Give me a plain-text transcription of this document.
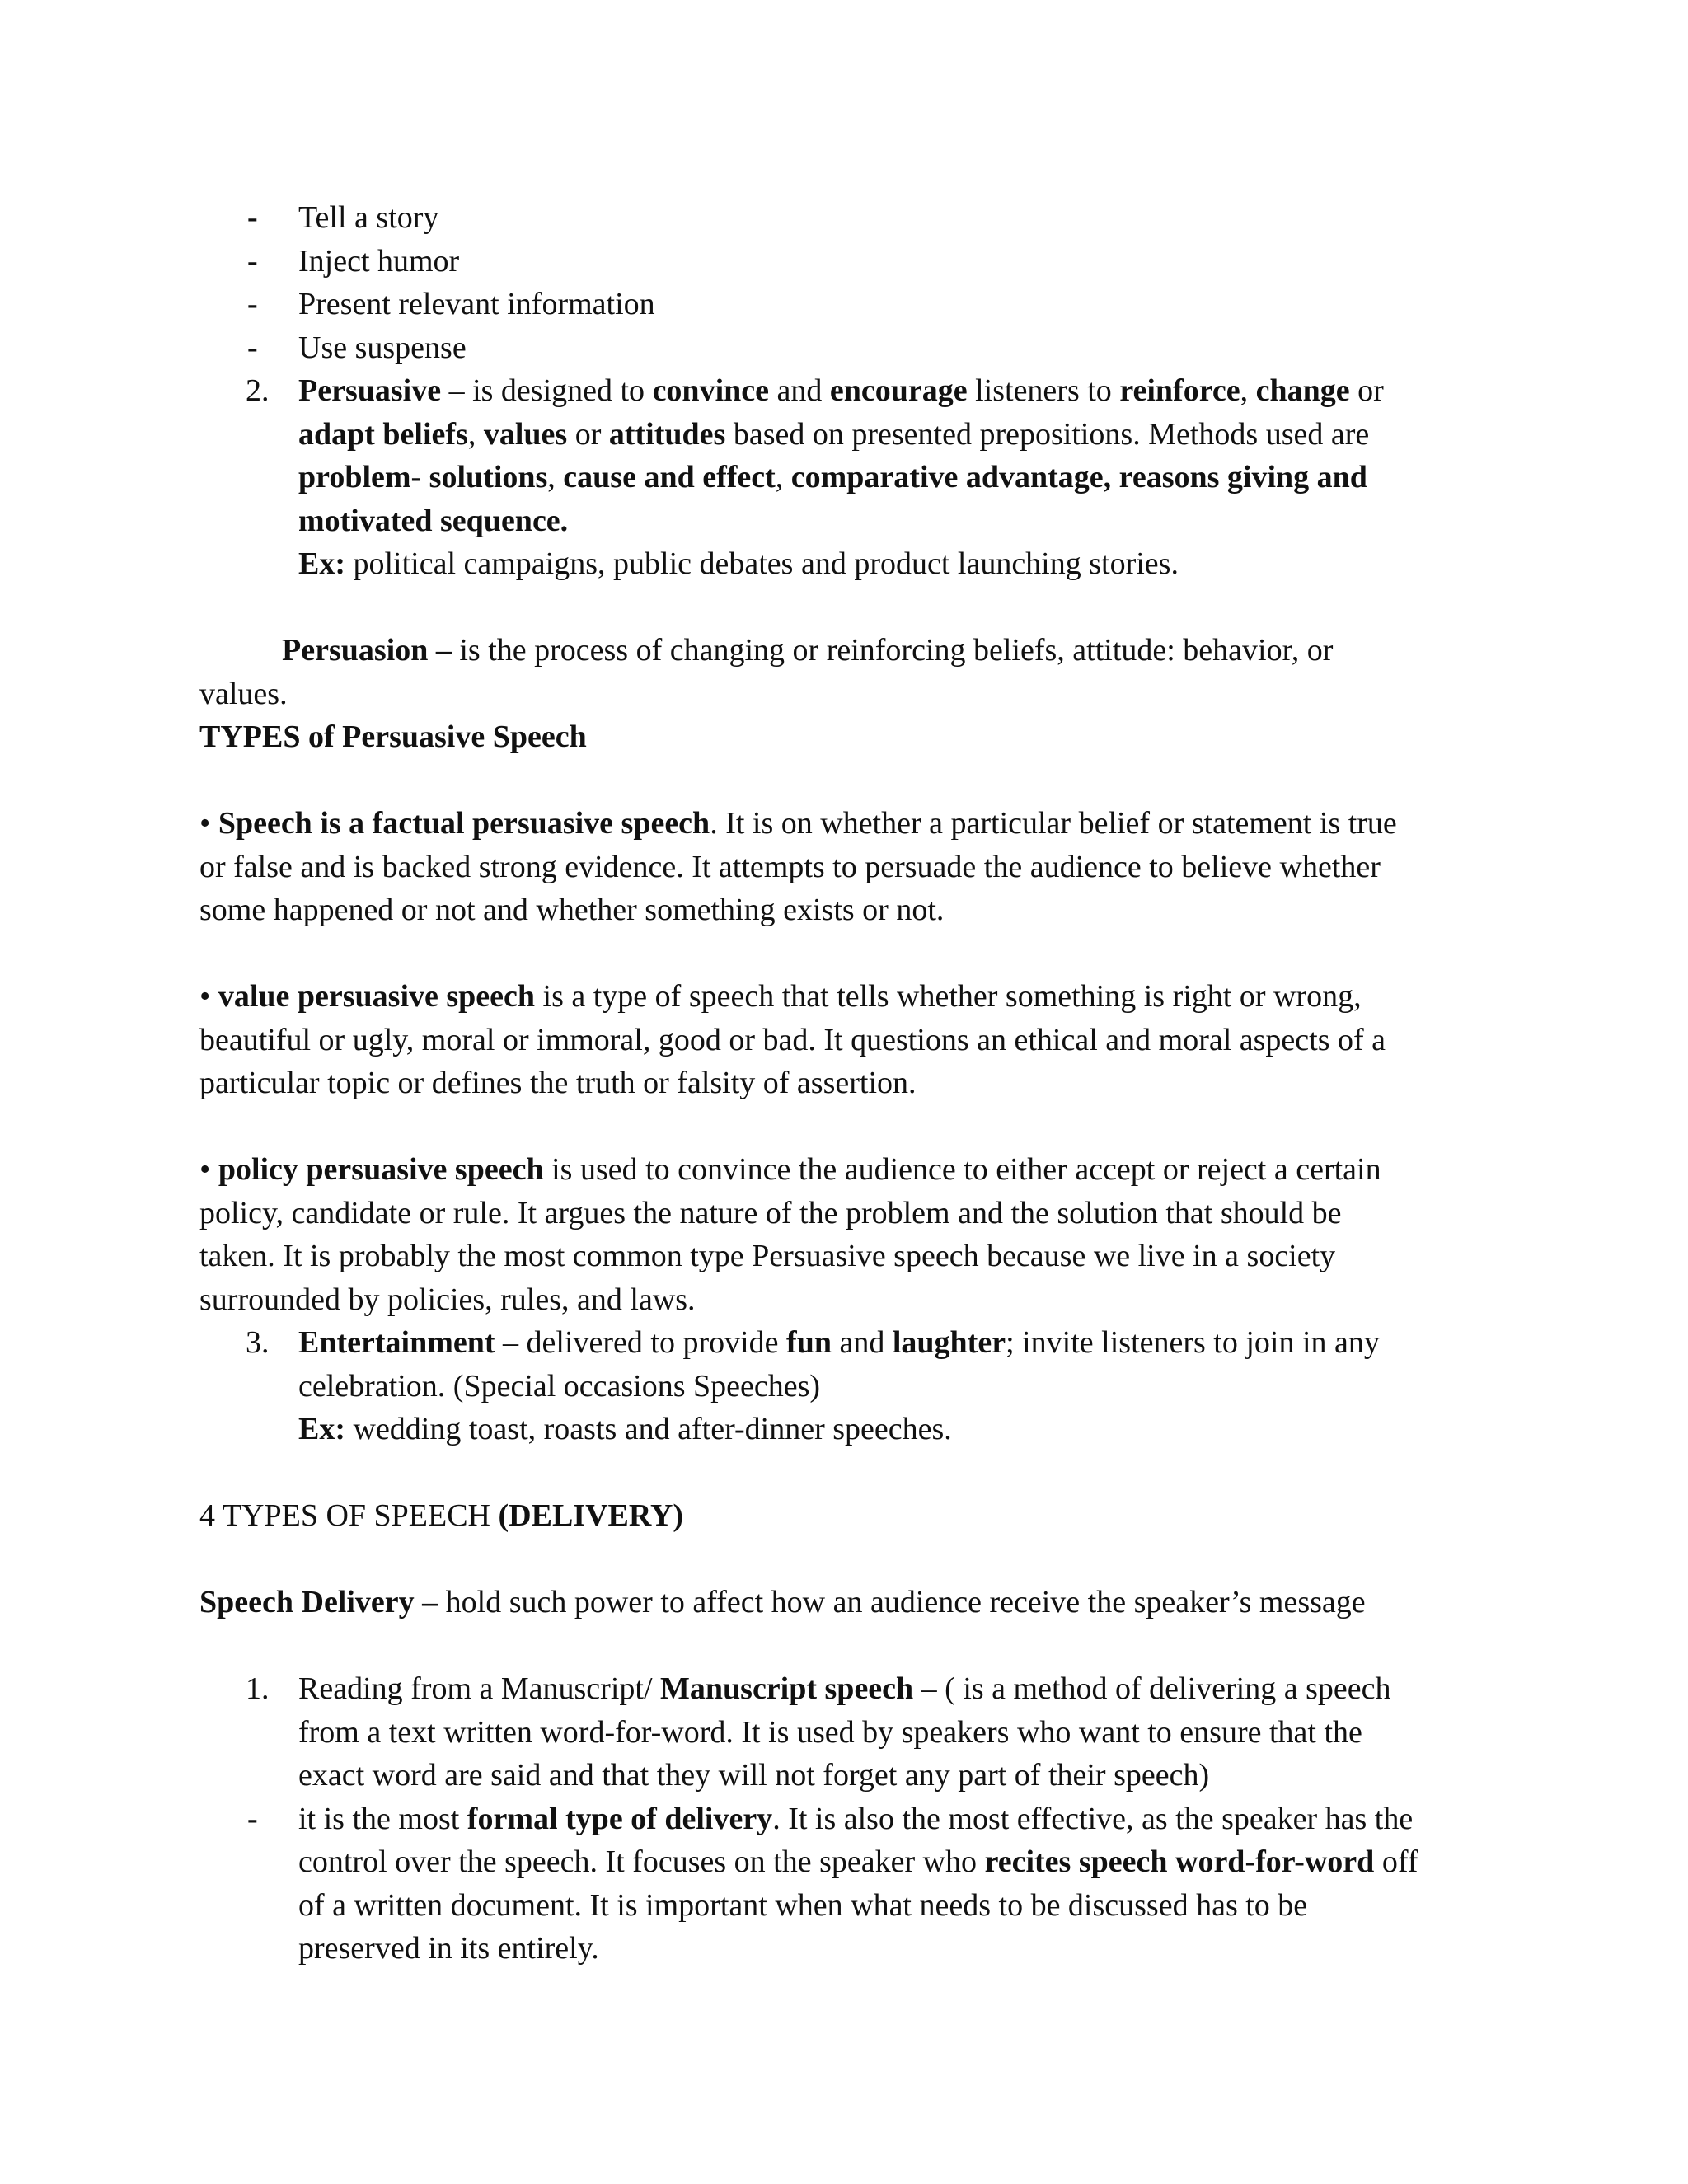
- Tell a story
- Inject humor
- Present relevant information
- Use suspense
2. Persuasive – is designed to convince and encourage listeners to reinforce, change or
adapt beliefs, values or attitudes based on presented prepositions. Methods used are
problem- solutions, cause and effect, comparative advantage, reasons giving and
motivated sequence.
Ex: political campaigns, public debates and product launching stories.
Persuasion – is the process of changing or reinforcing beliefs, attitude: behavior, or
values.
TYPES of Persuasive Speech
• Speech is a factual persuasive speech. It is on whether a particular belief or statement is true
or false and is backed strong evidence. It attempts to persuade the audience to believe whether
some happened or not and whether something exists or not.
• value persuasive speech is a type of speech that tells whether something is right or wrong,
beautiful or ugly, moral or immoral, good or bad. It questions an ethical and moral aspects of a
particular topic or defines the truth or falsity of assertion.
• policy persuasive speech is used to convince the audience to either accept or reject a certain
policy, candidate or rule. It argues the nature of the problem and the solution that should be
taken. It is probably the most common type Persuasive speech because we live in a society
surrounded by policies, rules, and laws.
3. Entertainment – delivered to provide fun and laughter; invite listeners to join in any
celebration. (Special occasions Speeches)
Ex: wedding toast, roasts and after-dinner speeches.
4 TYPES OF SPEECH (DELIVERY)
Speech Delivery – hold such power to affect how an audience receive the speaker’s message
1. Reading from a Manuscript/ Manuscript speech – ( is a method of delivering a speech
from a text written word-for-word. It is used by speakers who want to ensure that the
exact word are said and that they will not forget any part of their speech)
- it is the most formal type of delivery. It is also the most effective, as the speaker has the
control over the speech. It focuses on the speaker who recites speech word-for-word off
of a written document. It is important when what needs to be discussed has to be
preserved in its entirely.
